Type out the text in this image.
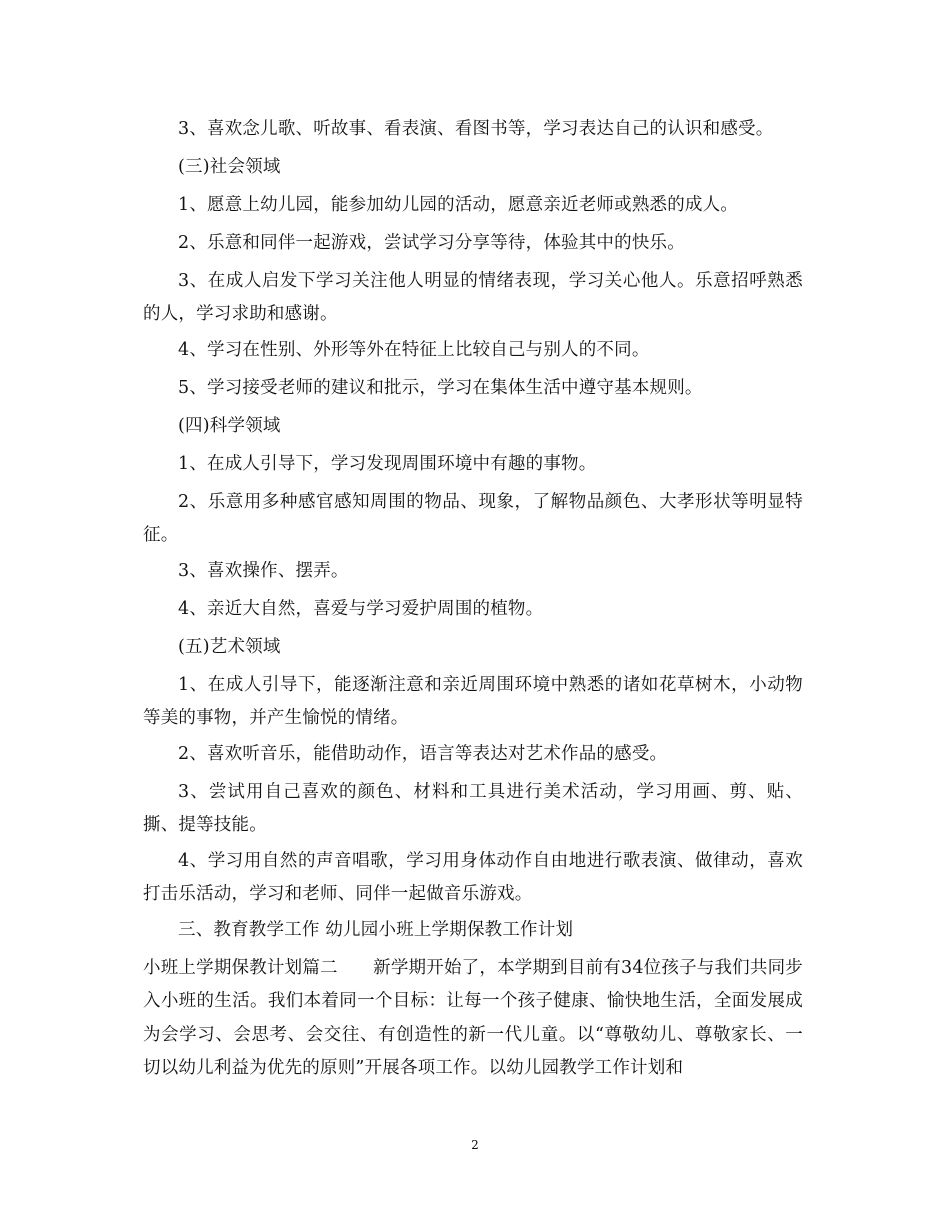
3、喜欢念儿歌、听故事、看表演、看图书等，学习表达自己的认识和感受。

(三)社会领域

1、愿意上幼儿园，能参加幼儿园的活动，愿意亲近老师或熟悉的成人。

2、乐意和同伴一起游戏，尝试学习分享等待，体验其中的快乐。

3、在成人启发下学习关注他人明显的情绪表现，学习关心他人。乐意招呼熟悉的人，学习求助和感谢。

4、学习在性别、外形等外在特征上比较自己与别人的不同。

5、学习接受老师的建议和批示，学习在集体生活中遵守基本规则。

(四)科学领域

1、在成人引导下，学习发现周围环境中有趣的事物。

2、乐意用多种感官感知周围的物品、现象，了解物品颜色、大孝形状等明显特征。

3、喜欢操作、摆弄。

4、亲近大自然，喜爱与学习爱护周围的植物。

(五)艺术领域

1、在成人引导下，能逐渐注意和亲近周围环境中熟悉的诸如花草树木，小动物等美的事物，并产生愉悦的情绪。

2、喜欢听音乐，能借助动作，语言等表达对艺术作品的感受。

3、尝试用自己喜欢的颜色、材料和工具进行美术活动，学习用画、剪、贴、撕、提等技能。

4、学习用自然的声音唱歌，学习用身体动作自由地进行歌表演、做律动，喜欢打击乐活动，学习和老师、同伴一起做音乐游戏。

三、教育教学工作 幼儿园小班上学期保教工作计划

小班上学期保教计划篇二　　新学期开始了，本学期到目前有34位孩子与我们共同步入小班的生活。我们本着同一个目标：让每一个孩子健康、愉快地生活，全面发展成为会学习、会思考、会交往、有创造性的新一代儿童。以“尊敬幼儿、尊敬家长、一切以幼儿利益为优先的原则”开展各项工作。以幼儿园教学工作计划和

2
